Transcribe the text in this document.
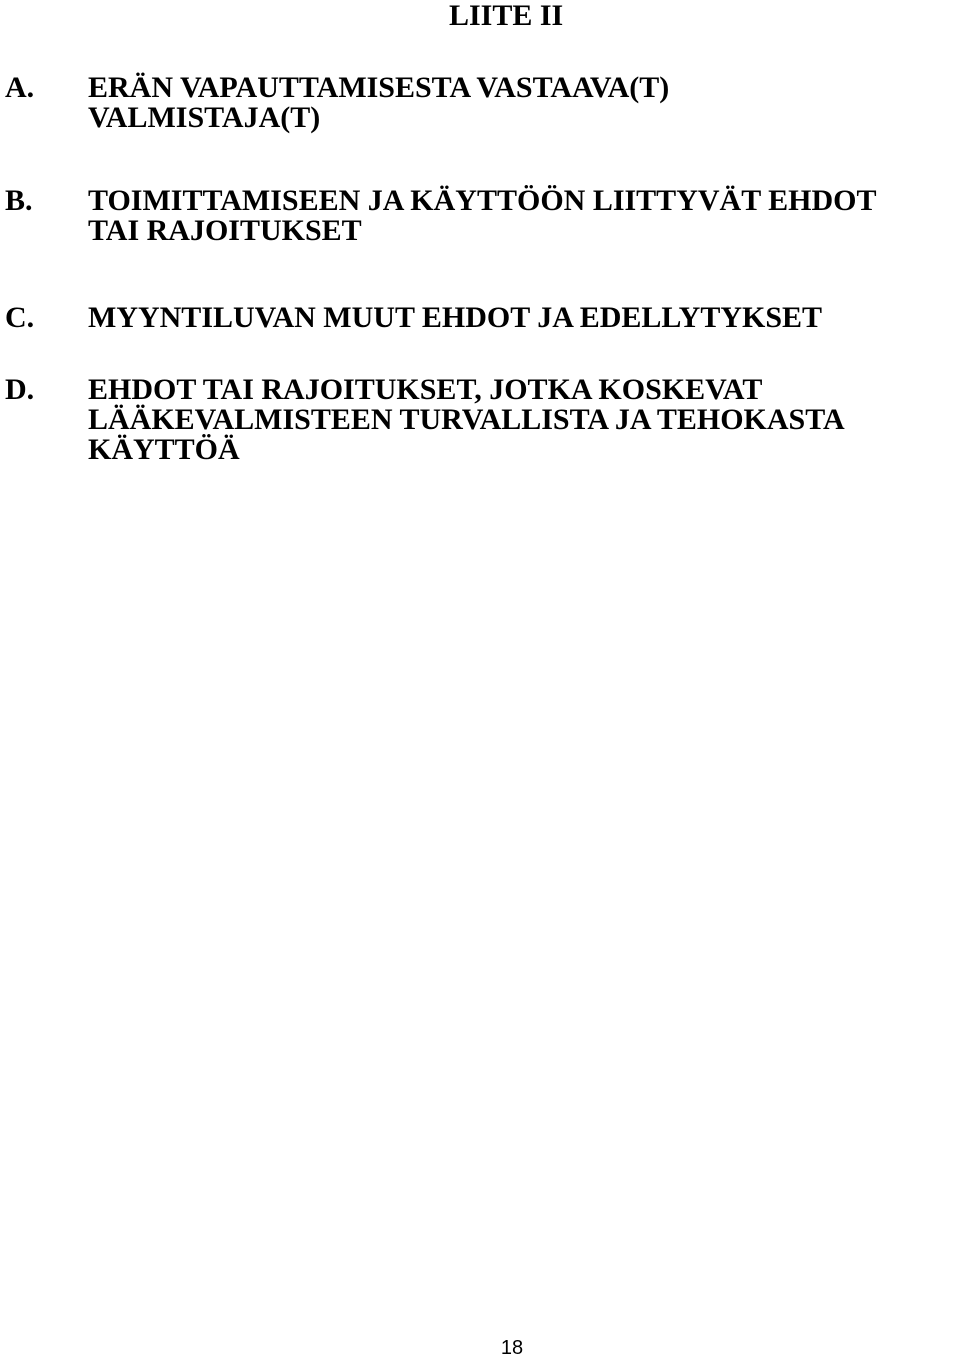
LIITE II
A. ERÄN VAPAUTTAMISESTA VASTAAVA(T)
VALMISTAJA(T)
B. TOIMITTAMISEEN JA KÄYTTÖÖN LIITTYVÄT EHDOT
TAI RAJOITUKSET
C. MYYNTILUVAN MUUT EHDOT JA EDELLYTYKSET
D. EHDOT TAI RAJOITUKSET, JOTKA KOSKEVAT
LÄÄKEVALMISTEEN TURVALLISTA JA TEHOKASTA
KÄYTTÖÄ
18
